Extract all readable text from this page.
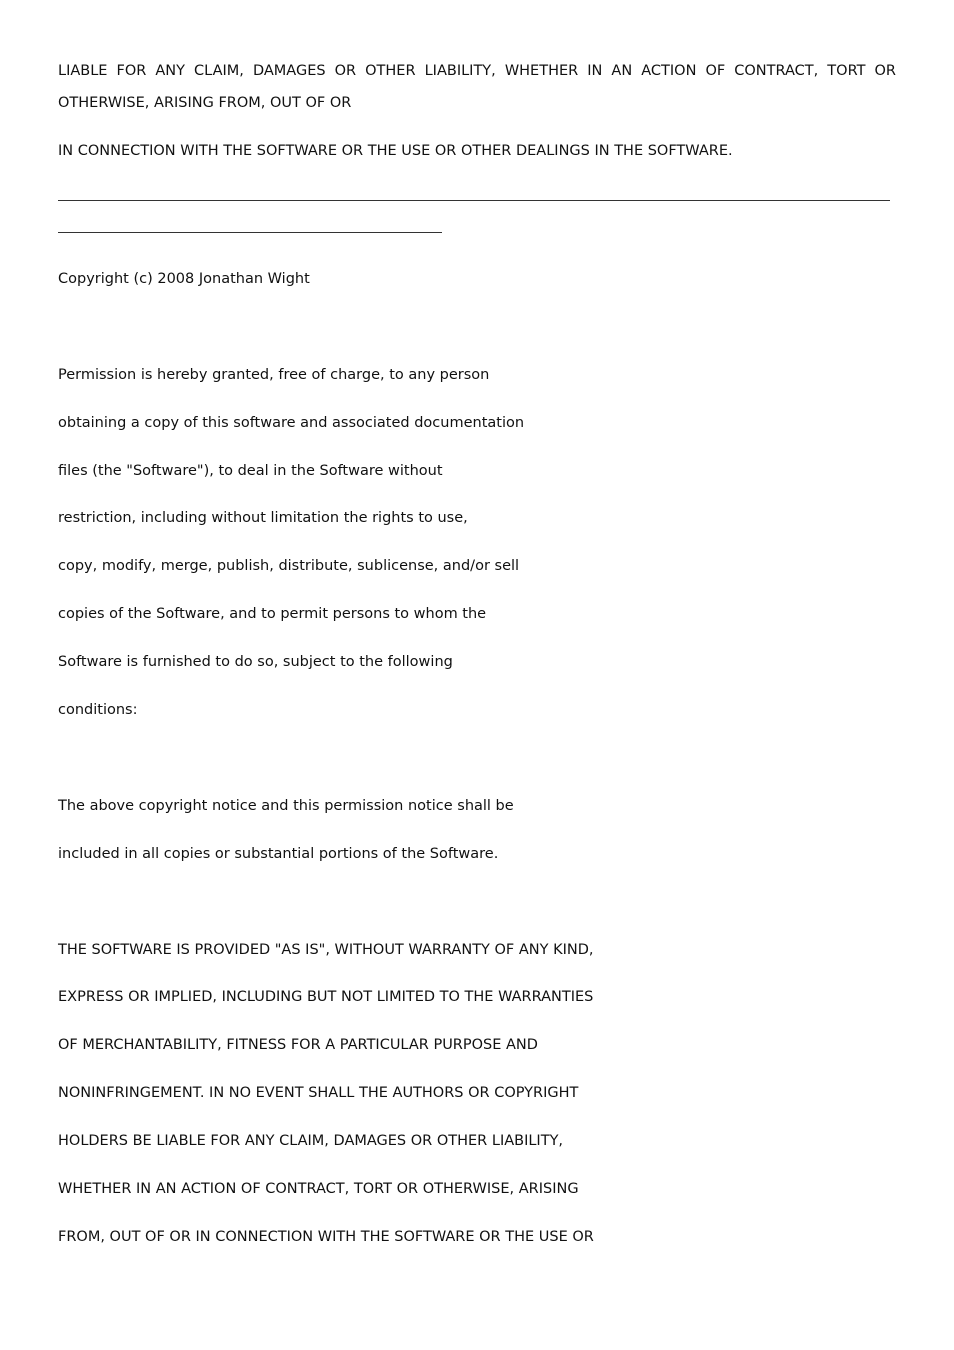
LIABLE FOR ANY CLAIM, DAMAGES OR OTHER LIABILITY, WHETHER IN AN ACTION OF CONTRACT, TORT OR OTHERWISE, ARISING FROM, OUT OF OR
IN CONNECTION WITH THE SOFTWARE OR THE USE OR OTHER DEALINGS IN THE SOFTWARE.
Copyright (c) 2008 Jonathan Wight
Permission is hereby granted, free of charge, to any person
obtaining a copy of this software and associated documentation
files (the "Software"), to deal in the Software without
restriction, including without limitation the rights to use,
copy, modify, merge, publish, distribute, sublicense, and/or sell
copies of the Software, and to permit persons to whom the
Software is furnished to do so, subject to the following
conditions:
The above copyright notice and this permission notice shall be
included in all copies or substantial portions of the Software.
THE SOFTWARE IS PROVIDED "AS IS", WITHOUT WARRANTY OF ANY KIND,
EXPRESS OR IMPLIED, INCLUDING BUT NOT LIMITED TO THE WARRANTIES
OF MERCHANTABILITY, FITNESS FOR A PARTICULAR PURPOSE AND
NONINFRINGEMENT. IN NO EVENT SHALL THE AUTHORS OR COPYRIGHT
HOLDERS BE LIABLE FOR ANY CLAIM, DAMAGES OR OTHER LIABILITY,
WHETHER IN AN ACTION OF CONTRACT, TORT OR OTHERWISE, ARISING
FROM, OUT OF OR IN CONNECTION WITH THE SOFTWARE OR THE USE OR
